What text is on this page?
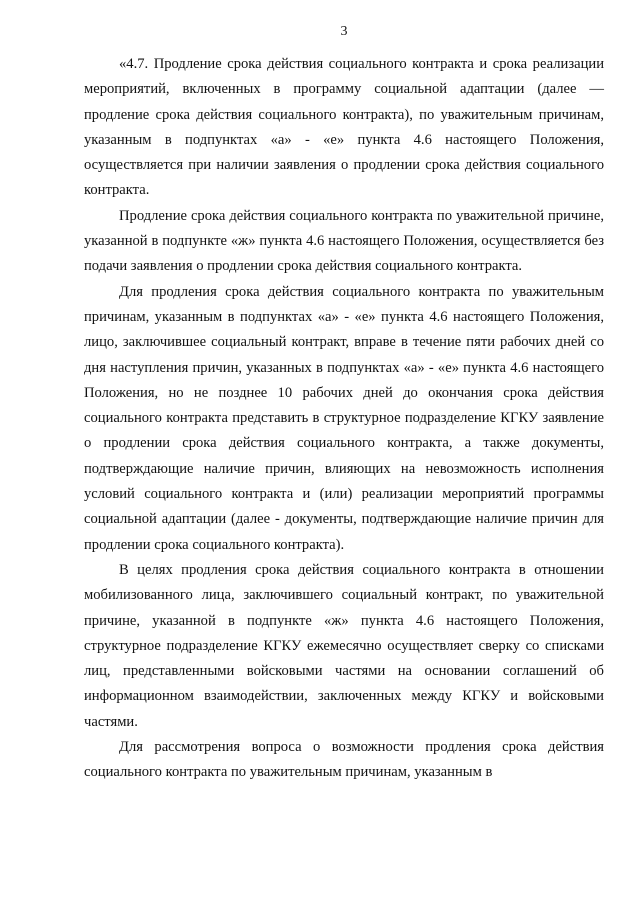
3

«4.7. Продление срока действия социального контракта и срока реализации мероприятий, включенных в программу социальной адаптации (далее — продление срока действия социального контракта), по уважительным причинам, указанным в подпунктах «а» - «е» пункта 4.6 настоящего Положения, осуществляется при наличии заявления о продлении срока действия социального контракта.

Продление срока действия социального контракта по уважительной причине, указанной в подпункте «ж» пункта 4.6 настоящего Положения, осуществляется без подачи заявления о продлении срока действия социального контракта.

Для продления срока действия социального контракта по уважительным причинам, указанным в подпунктах «а» - «е» пункта 4.6 настоящего Положения, лицо, заключившее социальный контракт, вправе в течение пяти рабочих дней со дня наступления причин, указанных в подпунктах «а» - «е» пункта 4.6 настоящего Положения, но не позднее 10 рабочих дней до окончания срока действия социального контракта представить в структурное подразделение КГКУ заявление о продлении срока действия социального контракта, а также документы, подтверждающие наличие причин, влияющих на невозможность исполнения условий социального контракта и (или) реализации мероприятий программы социальной адаптации (далее - документы, подтверждающие наличие причин для продлении срока социального контракта).

В целях продления срока действия социального контракта в отношении мобилизованного лица, заключившего социальный контракт, по уважительной причине, указанной в подпункте «ж» пункта 4.6 настоящего Положения, структурное подразделение КГКУ ежемесячно осуществляет сверку со списками лиц, представленными войсковыми частями на основании соглашений об информационном взаимодействии, заключенных между КГКУ и войсковыми частями.

Для рассмотрения вопроса о возможности продления срока действия социального контракта по уважительным причинам, указанным в
